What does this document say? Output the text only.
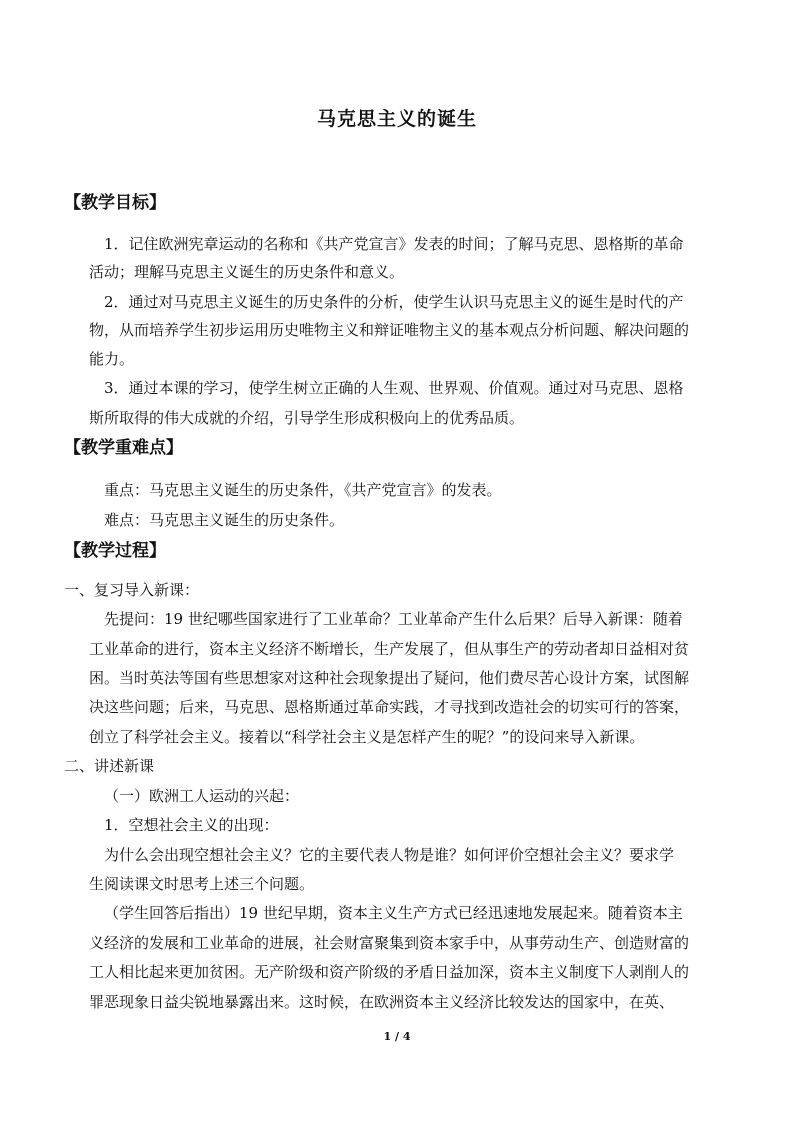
马克思主义的诞生
【教学目标】
1．记住欧洲宪章运动的名称和《共产党宣言》发表的时间；了解马克思、恩格斯的革命
活动；理解马克思主义诞生的历史条件和意义。
2．通过对马克思主义诞生的历史条件的分析，使学生认识马克思主义的诞生是时代的产
物，从而培养学生初步运用历史唯物主义和辩证唯物主义的基本观点分析问题、解决问题的
能力。
3．通过本课的学习，使学生树立正确的人生观、世界观、价值观。通过对马克思、恩格
斯所取得的伟大成就的介绍，引导学生形成积极向上的优秀品质。
【教学重难点】
重点：马克思主义诞生的历史条件，《共产党宣言》的发表。
难点：马克思主义诞生的历史条件。
【教学过程】
一、复习导入新课：
先提问：19 世纪哪些国家进行了工业革命？工业革命产生什么后果？后导入新课：随着
工业革命的进行，资本主义经济不断增长，生产发展了，但从事生产的劳动者却日益相对贫
困。当时英法等国有些思想家对这种社会现象提出了疑问，他们费尽苦心设计方案，试图解
决这些问题；后来，马克思、恩格斯通过革命实践，才寻找到改造社会的切实可行的答案，
创立了科学社会主义。接着以“科学社会主义是怎样产生的呢？”的设问来导入新课。
二、讲述新课
（一）欧洲工人运动的兴起：
1．空想社会主义的出现：
为什么会出现空想社会主义？它的主要代表人物是谁？如何评价空想社会主义？要求学
生阅读课文时思考上述三个问题。
（学生回答后指出）19 世纪早期，资本主义生产方式已经迅速地发展起来。随着资本主
义经济的发展和工业革命的进展，社会财富聚集到资本家手中，从事劳动生产、创造财富的
工人相比起来更加贫困。无产阶级和资产阶级的矛盾日益加深，资本主义制度下人剥削人的
罪恶现象日益尖锐地暴露出来。这时候，在欧洲资本主义经济比较发达的国家中，在英、
1 / 4
